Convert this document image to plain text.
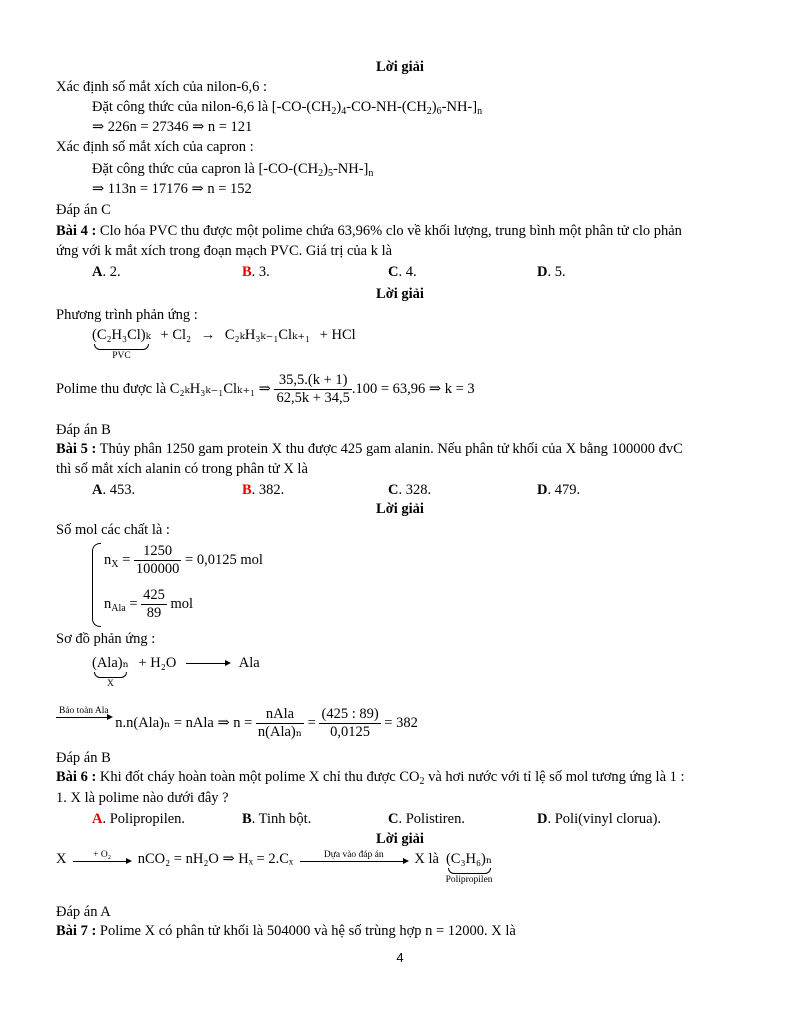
Lời giải
Xác định số mắt xích của nilon-6,6 :
Đặt công thức của nilon-6,6 là $[-CO-(CH_2)_4-CO-NH-(CH_2)_6-NH-]_n$
⇒ 226n = 27346 ⇒ n = 121
Xác định số mắt xích của capron :
Đặt công thức của capron là $[-CO-(CH_2)_5-NH-]_n$
⇒ 113n = 17176 ⇒ n = 152
Đáp án C
Bài 4 : Clo hóa PVC thu được một polime chứa 63,96% clo về khối lượng, trung bình một phân tử clo phản
ứng với k mắt xích trong đoạn mạch PVC. Giá trị của k là
A. 2.	B. 3.	C. 4.	D. 5.
Lời giải
Phương trình phản ứng :
(C₂H₃Cl)ₖ
PVC
+ Cl₂ → C₂ₖH₃ₖ₋₁Clₖ₊₁ + HCl
Polime thu được là C₂ₖH₃ₖ₋₁Clₖ₊₁ ⇒ $\frac{35,5.(k + 1)}{62,5k + 34,5} .100 = 63,96$ ⇒ k = 3
Đáp án B
Bài 5 : Thủy phân 1250 gam protein X thu được 425 gam alanin. Nếu phân tử khối của X bằng 100000 đvC
thì số mắt xích alanin có trong phân tử X là
A. 453.	B. 382.	C. 328.	D. 479.
Lời giải
Số mol các chất là :
$n_X = \frac{1250}{100000} = 0,0125$ mol
$n_{Ala} = \frac{425}{89}$ mol
Sơ đồ phản ứng :
(Ala)ₙ
X
+ H₂O	Ala
Bảo toàn Ala
n.n(Ala)ₙ = nAla ⇒ $n = \frac{\text{nAla}}{\text{n(Ala)ₙ}} = \frac{(425 : 89)}{0,0125} = 382$
Đáp án B
Bài 6 : Khi đốt cháy hoàn toàn một polime X chỉ thu được $CO_2$ và hơi nước với tỉ lệ số mol tương ứng là 1 :
1. X là polime nào dưới đây ?
A. Polipropilen.	B. Tinh bột.	C. Polistiren.	D. Poli(vinyl clorua).
Lời giải
X	+ O₂	nCO₂ = nH₂O ⇒ Hₓ = 2.Cₓ	Dựa vào đáp án	X là (C₃H₆)ₙ
Polipropilen
Đáp án A
Bài 7 : Polime X có phân tử khối là 504000 và hệ số trùng hợp n = 12000. X là
4
